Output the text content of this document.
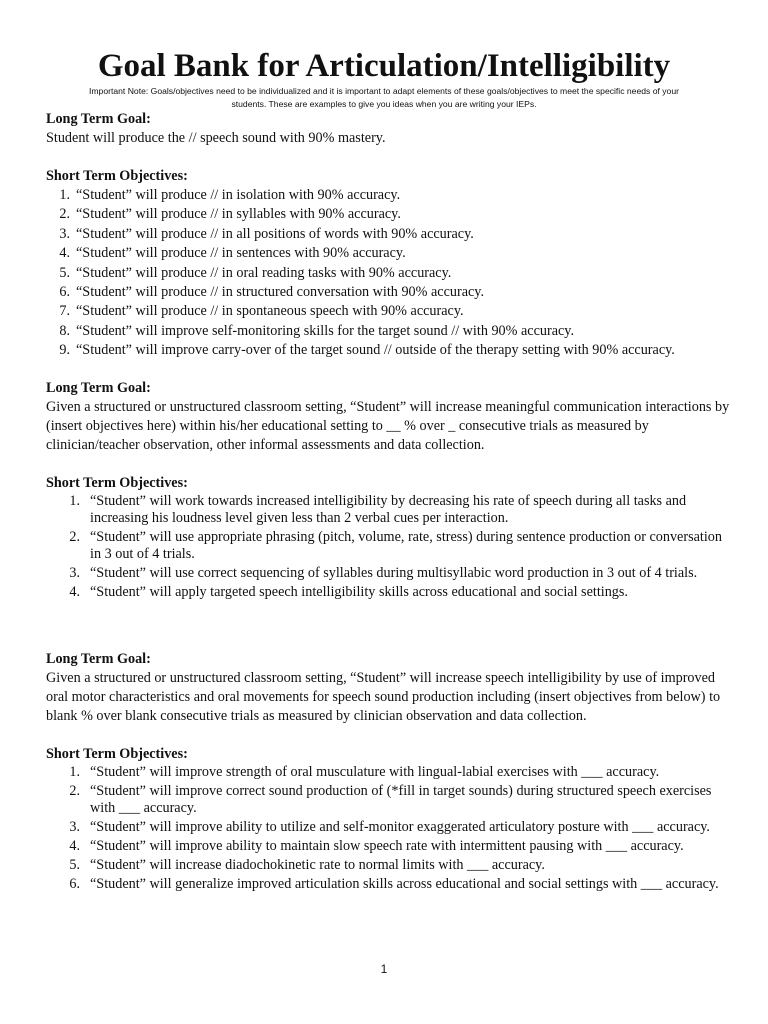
Goal Bank for Articulation/Intelligibility
Important Note: Goals/objectives need to be individualized and it is important to adapt elements of these goals/objectives to meet the specific needs of your
students. These are examples to give you ideas when you are writing your IEPs.
Long Term Goal:
Student will produce the // speech sound with 90% mastery.
Short Term Objectives:
1. “Student” will produce // in isolation with 90% accuracy.
2. “Student” will produce // in syllables with 90% accuracy.
3. “Student” will produce // in all positions of words with 90% accuracy.
4. “Student” will produce // in sentences with 90% accuracy.
5. “Student” will produce // in oral reading tasks with 90% accuracy.
6. “Student” will produce // in structured conversation with 90% accuracy.
7. “Student” will produce // in spontaneous speech with 90% accuracy.
8. “Student” will improve self-monitoring skills for the target sound // with 90% accuracy.
9. “Student” will improve carry-over of the target sound // outside of the therapy setting with 90% accuracy.
Long Term Goal:
Given a structured or unstructured classroom setting, “Student” will increase meaningful communication interactions by (insert objectives here) within his/her educational setting to __ % over _ consecutive trials as measured by clinician/teacher observation, other informal assessments and data collection.
Short Term Objectives:
1. “Student” will work towards increased intelligibility by decreasing his rate of speech during all tasks and increasing his loudness level given less than 2 verbal cues per interaction.
2. “Student” will use appropriate phrasing (pitch, volume, rate, stress) during sentence production or conversation in 3 out of 4 trials.
3. “Student” will use correct sequencing of syllables during multisyllabic word production in 3 out of 4 trials.
4. “Student” will apply targeted speech intelligibility skills across educational and social settings.
Long Term Goal:
Given a structured or unstructured classroom setting, “Student” will increase speech intelligibility by use of improved oral motor characteristics and oral movements for speech sound production including (insert objectives from below) to blank % over blank consecutive trials as measured by clinician observation and data collection.
Short Term Objectives:
1. “Student” will improve strength of oral musculature with lingual-labial exercises with ___ accuracy.
2. “Student” will improve correct sound production of (*fill in target sounds) during structured speech exercises with ___ accuracy.
3. “Student” will improve ability to utilize and self-monitor exaggerated articulatory posture with ___ accuracy.
4. “Student” will improve ability to maintain slow speech rate with intermittent pausing with ___ accuracy.
5. “Student” will increase diadochokinetic rate to normal limits with ___ accuracy.
6. “Student” will generalize improved articulation skills across educational and social settings with ___ accuracy.
1
